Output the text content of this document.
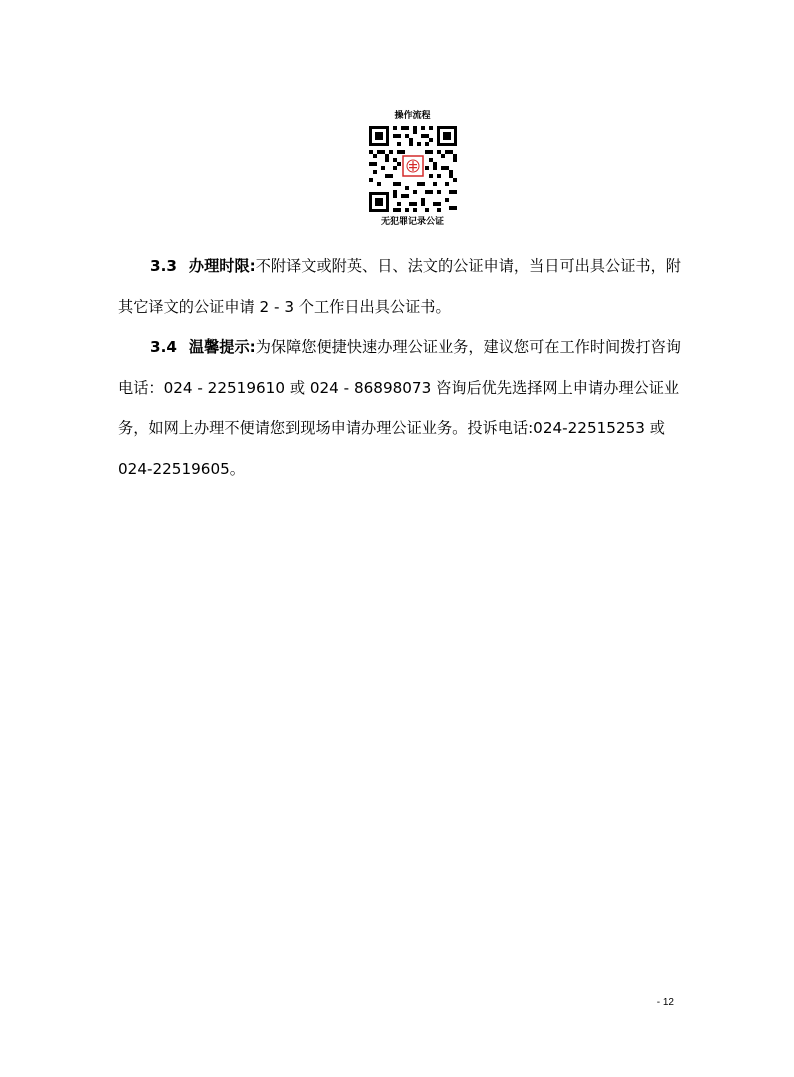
操作流程
无犯罪记录公证

3.3 办理时限:不附译文或附英、日、法文的公证申请，当日可出具公证书，附其它译文的公证申请 2 - 3 个工作日出具公证书。

3.4 温馨提示:为保障您便捷快速办理公证业务，建议您可在工作时间拨打咨询电话：024 - 22519610 或 024 - 86898073 咨询后优先选择网上申请办理公证业务，如网上办理不便请您到现场申请办理公证业务。投诉电话:024-22515253 或 024-22519605。

- 12
